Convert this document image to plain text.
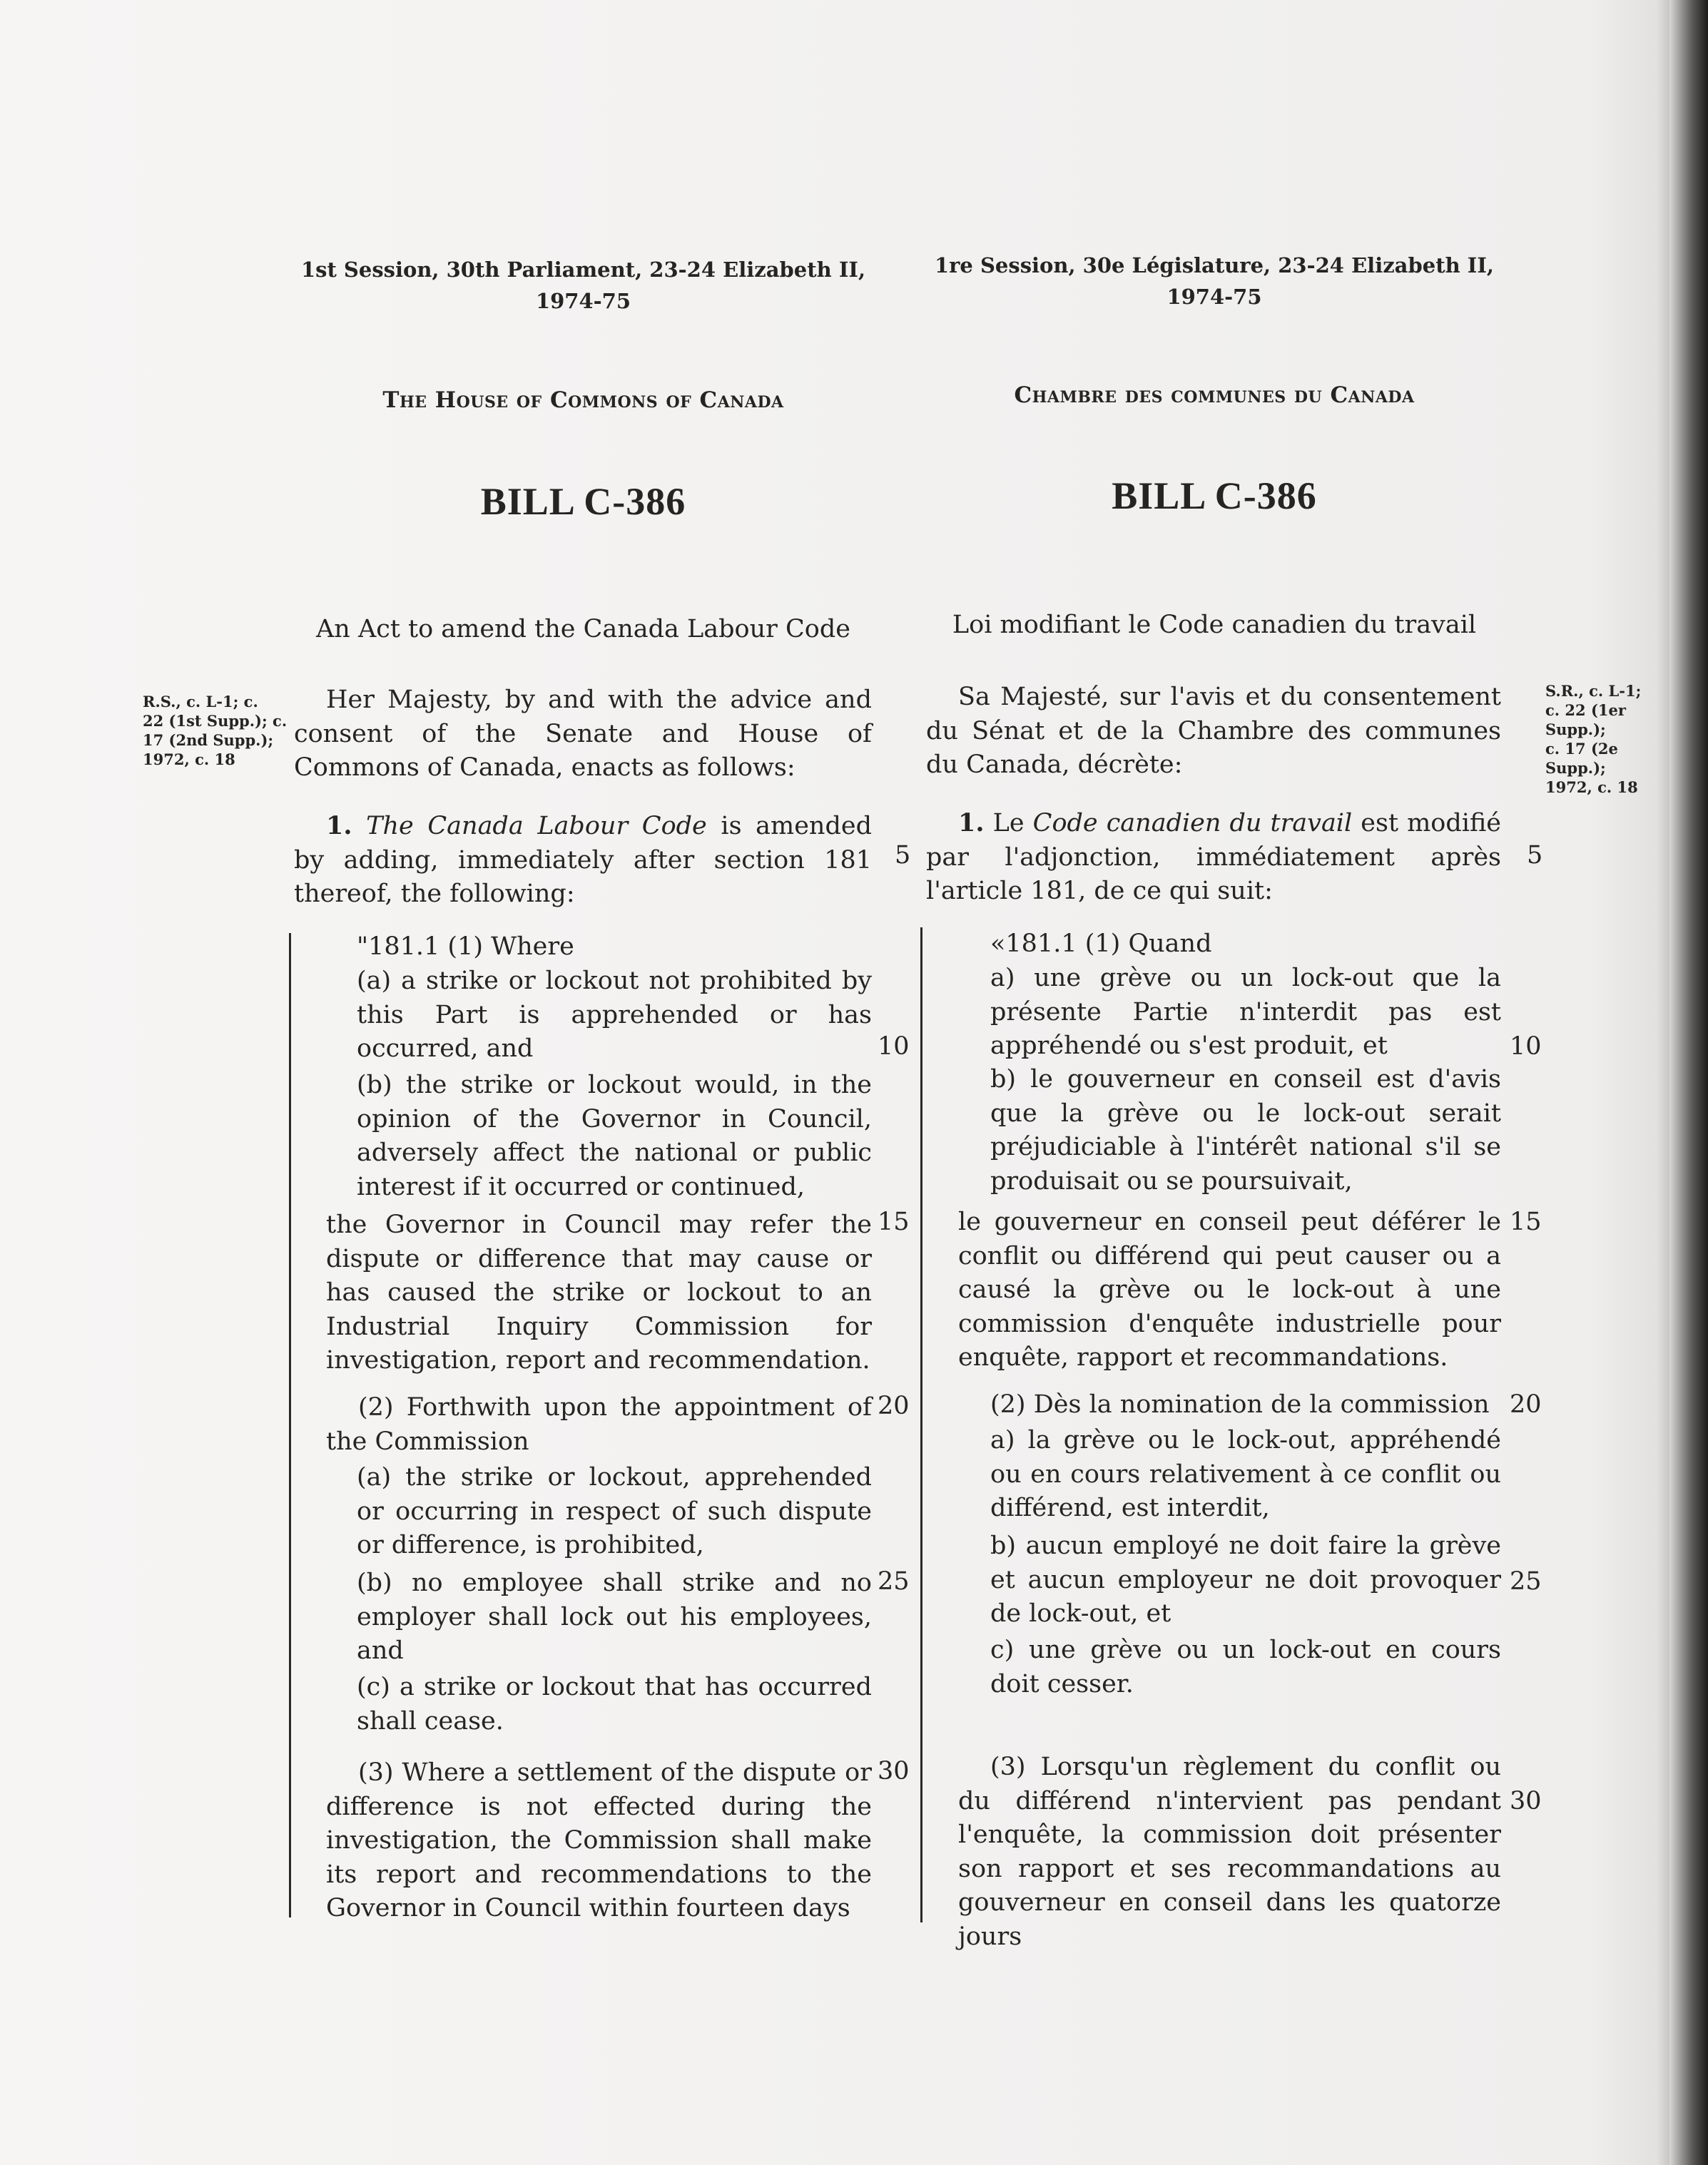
1st Session, 30th Parliament, 23-24 Elizabeth II,
1974-75
The House of Commons of Canada
BILL C-386
An Act to amend the Canada Labour Code
R.S., c. L-1; c.
22 (1st Supp.); c.
17 (2nd Supp.);
1972, c. 18
Her Majesty, by and with the advice and consent of the Senate and House of Commons of Canada, enacts as follows:
1. The Canada Labour Code is amended by adding, immediately after section 181 thereof, the following:
"181.1 (1) Where
(a) a strike or lockout not prohibited by this Part is apprehended or has occurred, and
(b) the strike or lockout would, in the opinion of the Governor in Council, adversely affect the national or public interest if it occurred or continued,
the Governor in Council may refer the dispute or difference that may cause or has caused the strike or lockout to an Industrial Inquiry Commission for investigation, report and recommendation.
(2) Forthwith upon the appointment of the Commission
(a) the strike or lockout, apprehended or occurring in respect of such dispute or difference, is prohibited,
(b) no employee shall strike and no employer shall lock out his employees, and
(c) a strike or lockout that has occurred shall cease.
(3) Where a settlement of the dispute or difference is not effected during the investigation, the Commission shall make its report and recommendations to the Governor in Council within fourteen days
5
10
15
20
25
30
1re Session, 30e Législature, 23-24 Elizabeth II,
1974-75
Chambre des communes du Canada
BILL C-386
Loi modifiant le Code canadien du travail
S.R., c. L-1;
c. 22 (1er Supp.);
c. 17 (2e Supp.);
1972, c. 18
Sa Majesté, sur l'avis et du consentement du Sénat et de la Chambre des communes du Canada, décrète:
1. Le Code canadien du travail est modifié par l'adjonction, immédiatement après l'article 181, de ce qui suit:
«181.1 (1) Quand
a) une grève ou un lock-out que la présente Partie n'interdit pas est appréhendé ou s'est produit, et
b) le gouverneur en conseil est d'avis que la grève ou le lock-out serait préjudiciable à l'intérêt national s'il se produisait ou se poursuivait,
le gouverneur en conseil peut déférer le conflit ou différend qui peut causer ou a causé la grève ou le lock-out à une commission d'enquête industrielle pour enquête, rapport et recommandations.
(2) Dès la nomination de la commission
a) la grève ou le lock-out, appréhendé ou en cours relativement à ce conflit ou différend, est interdit,
b) aucun employé ne doit faire la grève et aucun employeur ne doit provoquer de lock-out, et
c) une grève ou un lock-out en cours doit cesser.
(3) Lorsqu'un règlement du conflit ou du différend n'intervient pas pendant l'enquête, la commission doit présenter son rapport et ses recommandations au gouverneur en conseil dans les quatorze jours
5
10
15
20
25
30
